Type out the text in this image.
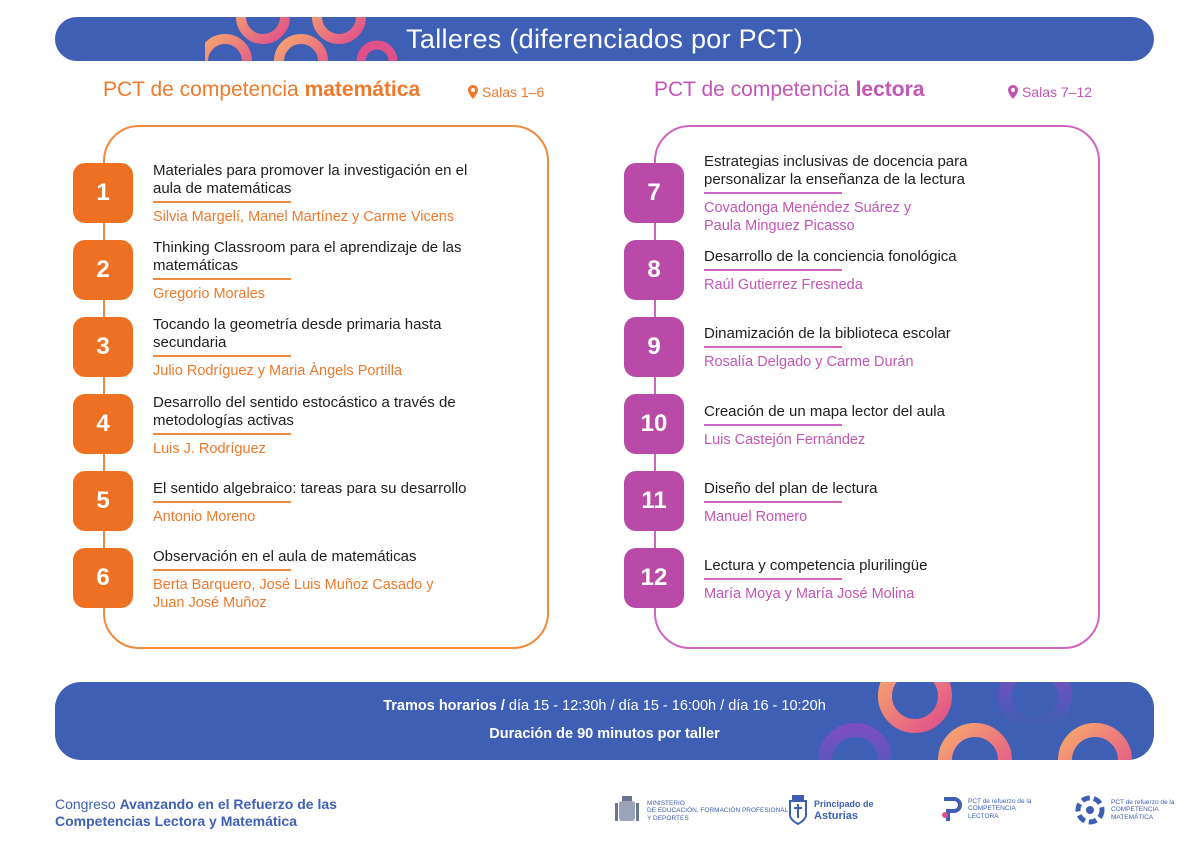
Talleres (diferenciados por PCT)
PCT de competencia matemática	Salas 1–6	PCT de competencia lectora	Salas 7–12
1
Materiales para promover la investigación en el
aula de matemáticas
Silvia Margelí, Manel Martínez y Carme Vicens
2
Thinking Classroom para el aprendizaje de las
matemáticas
Gregorio Morales
3
Tocando la geometría desde primaria hasta
secundaria
Julio Rodríguez y Maria Àngels Portilla
4
Desarrollo del sentido estocástico a través de
metodologías activas
Luis J. Rodríguez
5	El sentido algebraico: tareas para su desarrollo
Antonio Moreno
6
Observación en el aula de matemáticas
Berta Barquero, José Luis Muñoz Casado y
Juan José Muñoz
7
Estrategias inclusivas de docencia para
personalizar la enseñanza de la lectura
Covadonga Menéndez Suárez y
Paula Minguez Picasso
8	Desarrollo de la conciencia fonológica
Raúl Gutierrez Fresneda
9	Dinamización de la biblioteca escolar
Rosalía Delgado y Carme Durán
10	Creación de un mapa lector del aula
Luis Castejón Fernández
11	Diseño del plan de lectura
Manuel Romero
12	Lectura y competencia plurilingüe
María Moya y María José Molina
Tramos horarios / día 15 - 12:30h / día 15 - 16:00h / día 16 - 10:20h
Duración de 90 minutos por taller
Congreso Avanzando en el Refuerzo de las
Competencias Lectora y Matemática
MINISTERIO
DE EDUCACIÓN, FORMACIÓN PROFESIONAL
Y DEPORTES
Principado de
Asturias
PCT de refuerzo de la
COMPETENCIA
LECTORA
PCT de refuerzo de la
COMPETENCIA
MATEMÁTICA
